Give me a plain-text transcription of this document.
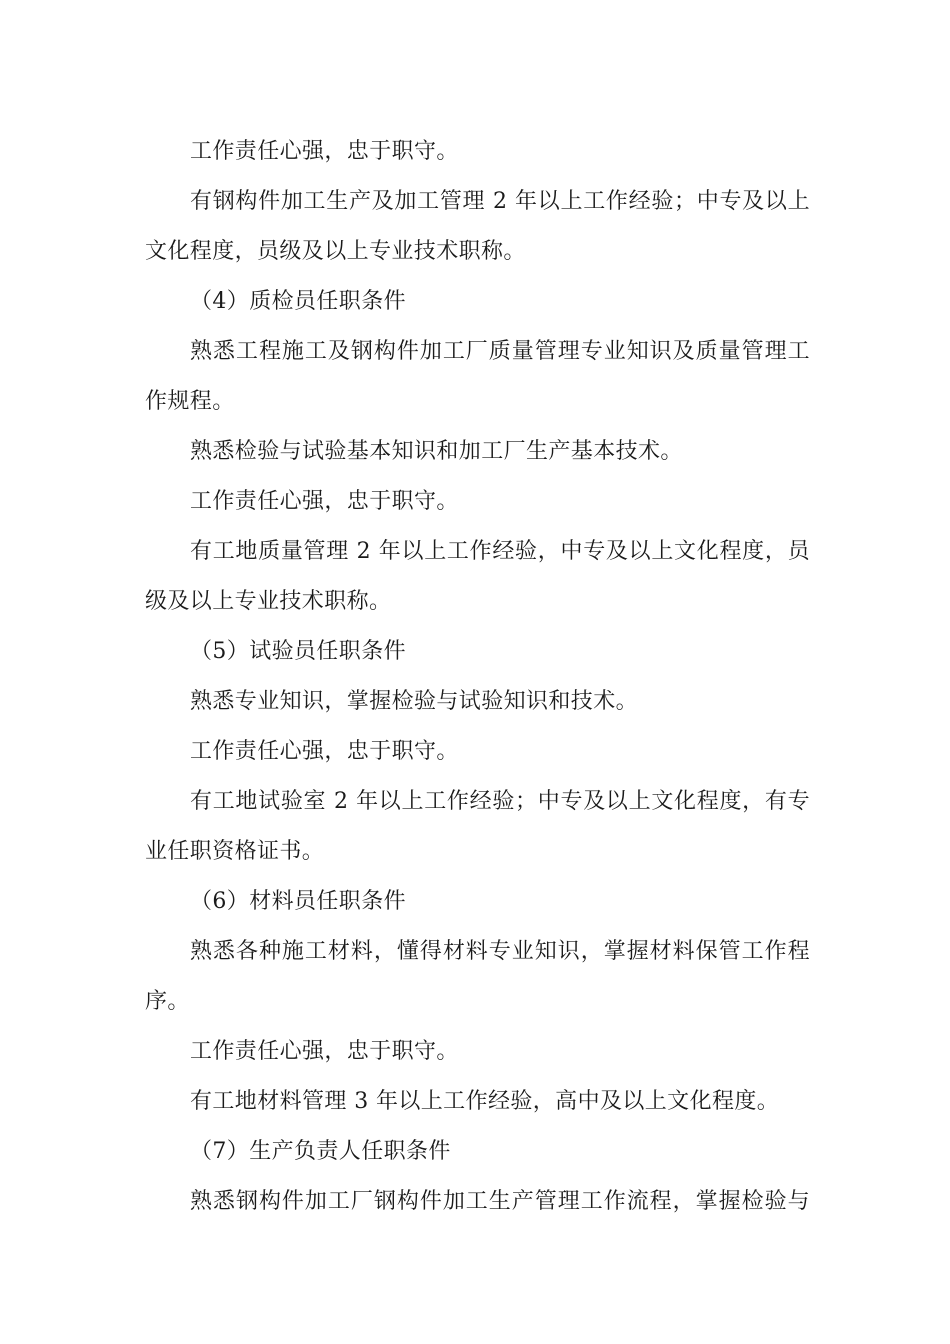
工作责任心强，忠于职守。
有钢构件加工生产及加工管理 2 年以上工作经验；中专及以上
文化程度，员级及以上专业技术职称。
（4）质检员任职条件
熟悉工程施工及钢构件加工厂质量管理专业知识及质量管理工
作规程。
熟悉检验与试验基本知识和加工厂生产基本技术。
工作责任心强，忠于职守。
有工地质量管理 2 年以上工作经验，中专及以上文化程度，员
级及以上专业技术职称。
（5）试验员任职条件
熟悉专业知识，掌握检验与试验知识和技术。
工作责任心强，忠于职守。
有工地试验室 2 年以上工作经验；中专及以上文化程度，有专
业任职资格证书。
（6）材料员任职条件
熟悉各种施工材料，懂得材料专业知识，掌握材料保管工作程
序。
工作责任心强，忠于职守。
有工地材料管理 3 年以上工作经验，高中及以上文化程度。
（7）生产负责人任职条件
熟悉钢构件加工厂钢构件加工生产管理工作流程，掌握检验与
